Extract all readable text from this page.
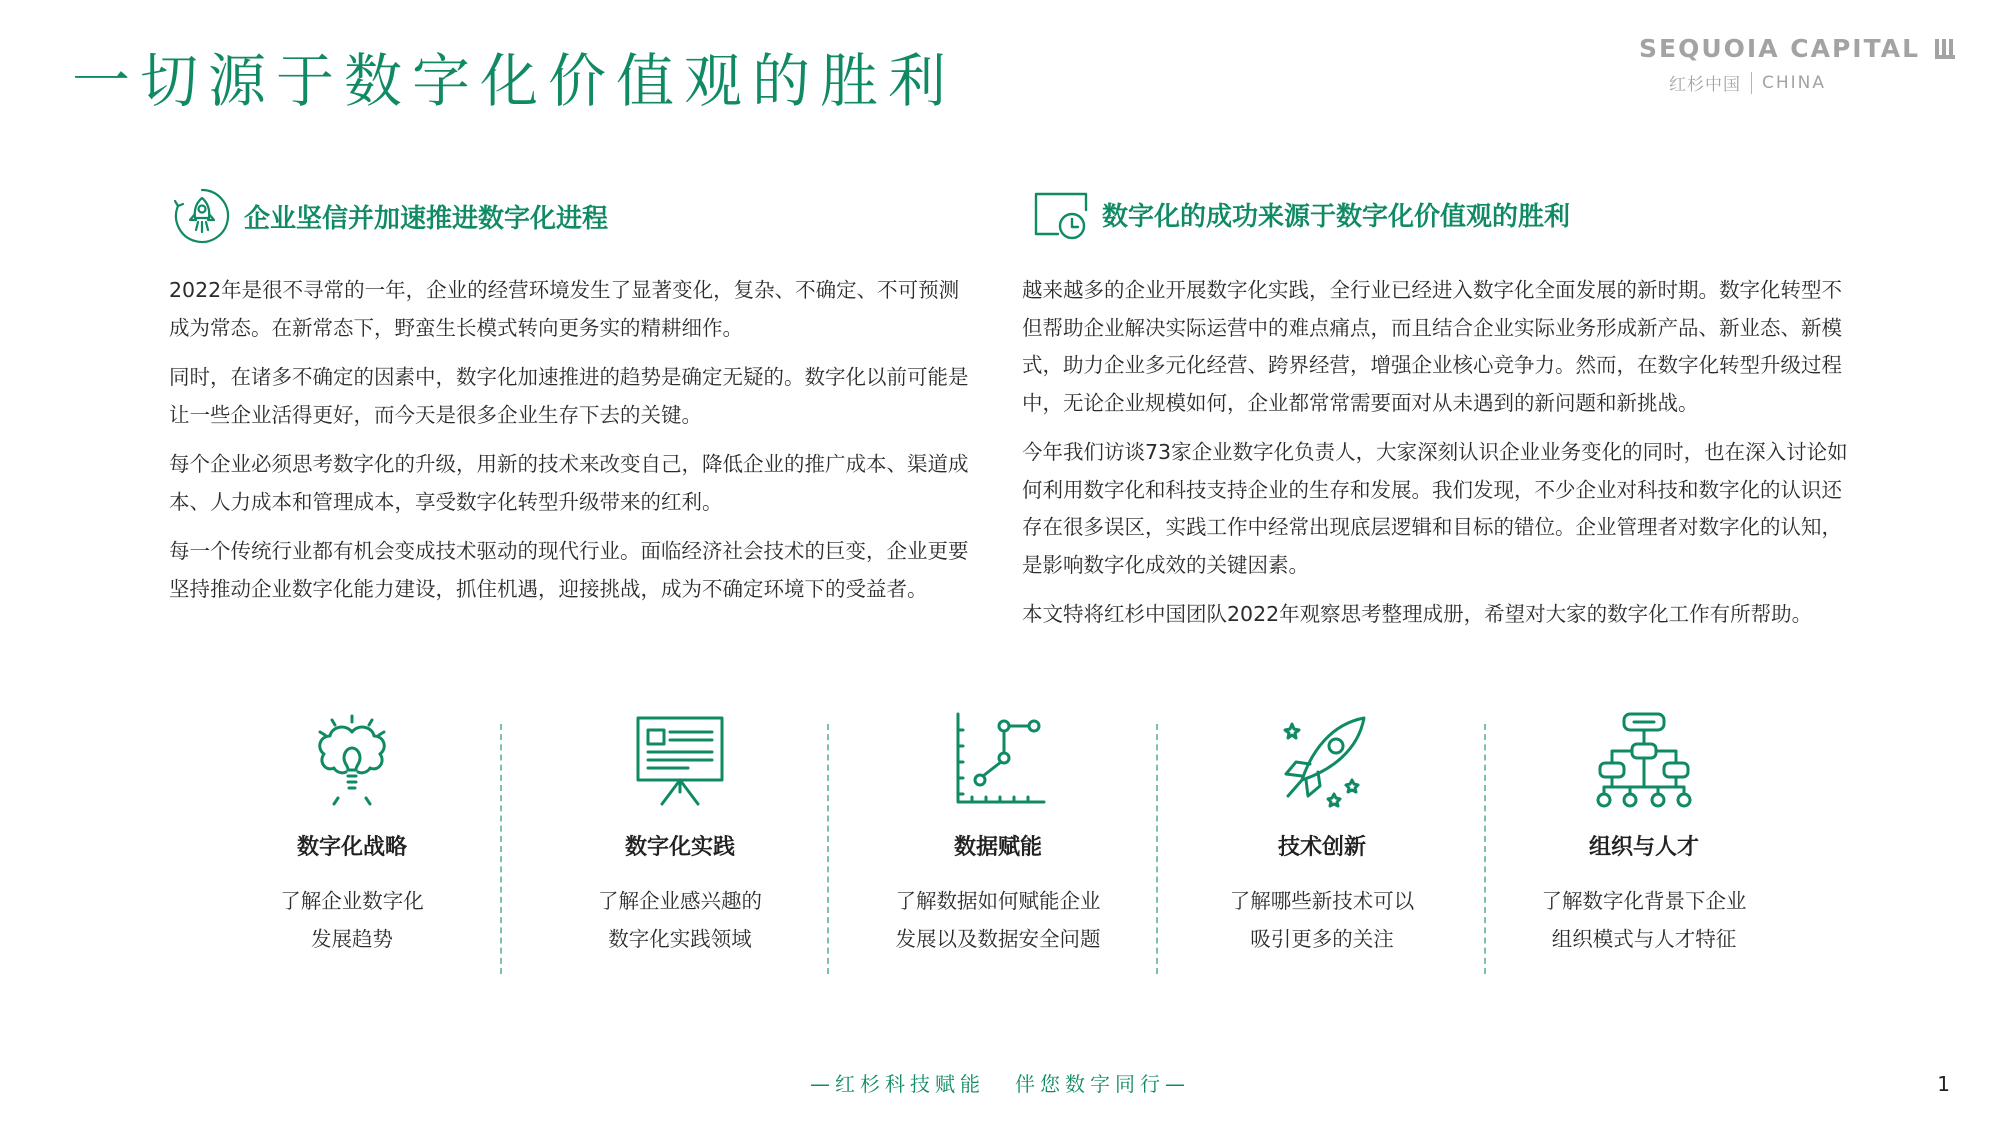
一切源于数字化价值观的胜利	SEQUOIA CAPITAL
红杉中国 CHINA
企业坚信并加速推进数字化进程	数字化的成功来源于数字化价值观的胜利

2022年是很不寻常的一年，企业的经营环境发生了显著变化，复杂、不确定、不可预测成为常态。在新常态下，野蛮生长模式转向更务实的精耕细作。

同时，在诸多不确定的因素中，数字化加速推进的趋势是确定无疑的。数字化以前可能是让一些企业活得更好，而今天是很多企业生存下去的关键。

每个企业必须思考数字化的升级，用新的技术来改变自己，降低企业的推广成本、渠道成本、人力成本和管理成本，享受数字化转型升级带来的红利。

每一个传统行业都有机会变成技术驱动的现代行业。面临经济社会技术的巨变，企业更要坚持推动企业数字化能力建设，抓住机遇，迎接挑战，成为不确定环境下的受益者。

越来越多的企业开展数字化实践，全行业已经进入数字化全面发展的新时期。数字化转型不但帮助企业解决实际运营中的难点痛点，而且结合企业实际业务形成新产品、新业态、新模式，助力企业多元化经营、跨界经营，增强企业核心竞争力。然而，在数字化转型升级过程中，无论企业规模如何，企业都常常需要面对从未遇到的新问题和新挑战。

今年我们访谈73家企业数字化负责人，大家深刻认识企业业务变化的同时，也在深入讨论如何利用数字化和科技支持企业的生存和发展。我们发现，不少企业对科技和数字化的认识还存在很多误区，实践工作中经常出现底层逻辑和目标的错位。企业管理者对数字化的认知，是影响数字化成效的关键因素。

本文特将红杉中国团队2022年观察思考整理成册，希望对大家的数字化工作有所帮助。

数字化战略
了解企业数字化
发展趋势
数字化实践
了解企业感兴趣的
数字化实践领域
数据赋能
了解数据如何赋能企业
发展以及数据安全问题
技术创新
了解哪些新技术可以
吸引更多的关注
组织与人才
了解数字化背景下企业
组织模式与人才特征
—红杉科技赋能 伴您数字同行—	1
